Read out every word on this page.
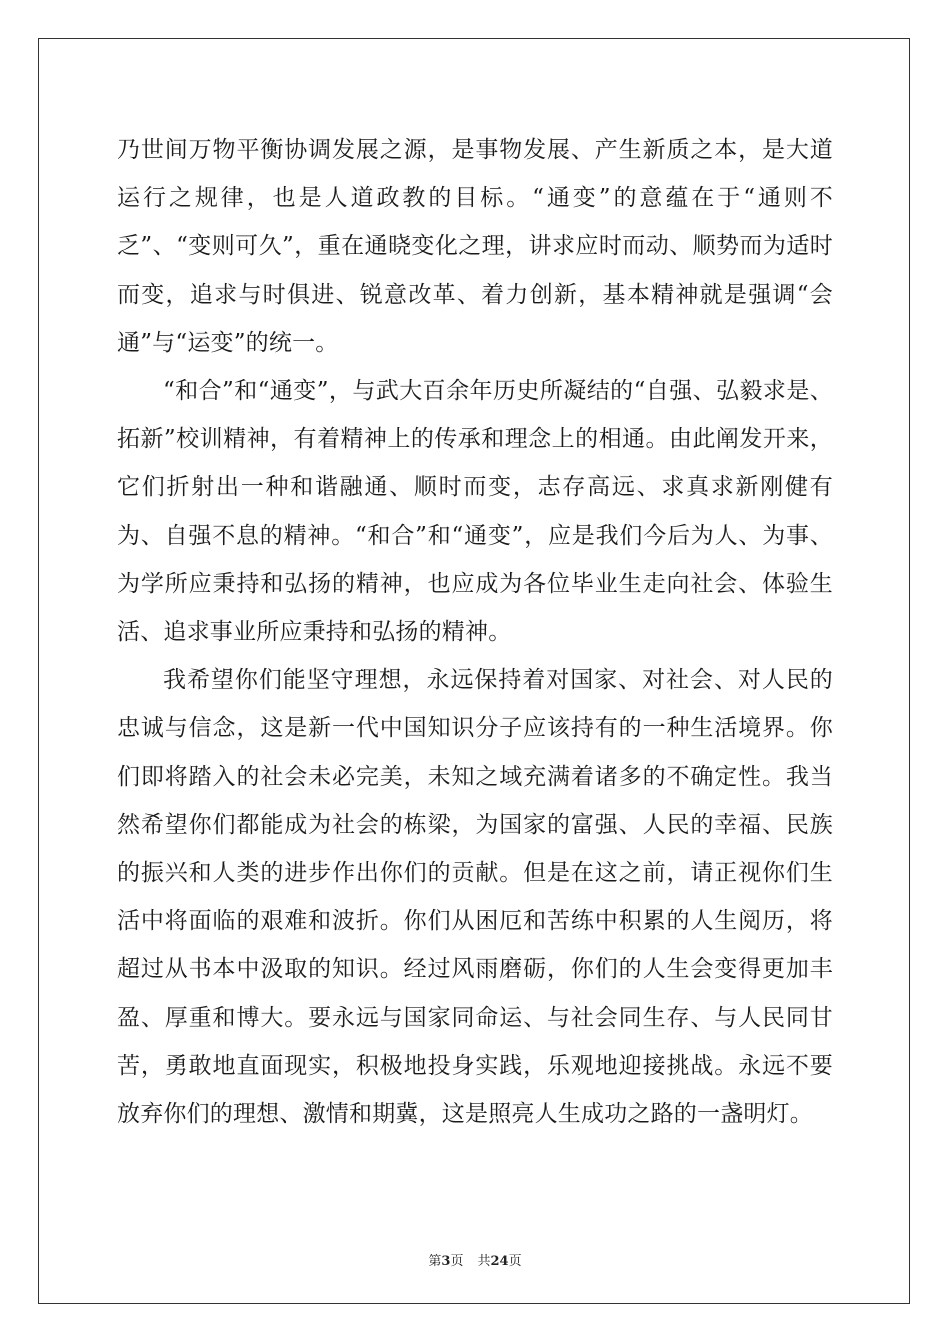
乃世间万物平衡协调发展之源，是事物发展、产生新质之本，是大道运行之规律，也是人道政教的目标。“通变”的意蕴在于“通则不乏”、“变则可久”，重在通晓变化之理，讲求应时而动、顺势而为适时而变，追求与时俱进、锐意改革、着力创新，基本精神就是强调“会通”与“运变”的统一。

“和合”和“通变”，与武大百余年历史所凝结的“自强、弘毅求是、拓新”校训精神，有着精神上的传承和理念上的相通。由此阐发开来，它们折射出一种和谐融通、顺时而变，志存高远、求真求新刚健有为、自强不息的精神。“和合”和“通变”，应是我们今后为人、为事、为学所应秉持和弘扬的精神，也应成为各位毕业生走向社会、体验生活、追求事业所应秉持和弘扬的精神。

我希望你们能坚守理想，永远保持着对国家、对社会、对人民的忠诚与信念，这是新一代中国知识分子应该持有的一种生活境界。你们即将踏入的社会未必完美，未知之域充满着诸多的不确定性。我当然希望你们都能成为社会的栋梁，为国家的富强、人民的幸福、民族的振兴和人类的进步作出你们的贡献。但是在这之前，请正视你们生活中将面临的艰难和波折。你们从困厄和苦练中积累的人生阅历，将超过从书本中汲取的知识。经过风雨磨砺，你们的人生会变得更加丰盈、厚重和博大。要永远与国家同命运、与社会同生存、与人民同甘苦，勇敢地直面现实，积极地投身实践，乐观地迎接挑战。永远不要放弃你们的理想、激情和期冀，这是照亮人生成功之路的一盏明灯。

第3页 共24页
